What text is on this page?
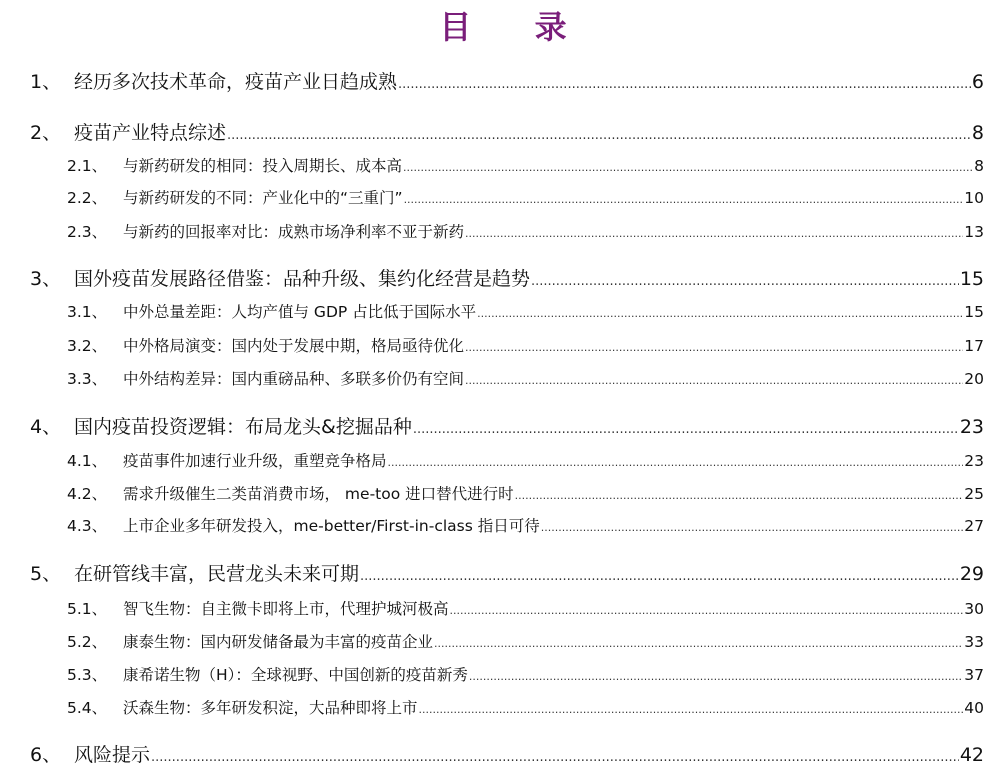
目 录
1、 经历多次技术革命，疫苗产业日趋成熟 .....	6
2、 疫苗产业特点综述 .....	8
2.1、	与新药研发的相同：投入周期长、成本高 .....	8
2.2、	与新药研发的不同：产业化中的“三重门” .....	10
2.3、	与新药的回报率对比：成熟市场净利率不亚于新药 .....	13
3、 国外疫苗发展路径借鉴：品种升级、集约化经营是趋势 .....	15
3.1、	中外总量差距：人均产值与 GDP 占比低于国际水平 .....	15
3.2、	中外格局演变：国内处于发展中期，格局亟待优化 .....	17
3.3、	中外结构差异：国内重磅品种、多联多价仍有空间 .....	20
4、 国内疫苗投资逻辑：布局龙头&挖掘品种 .....	23
4.1、	疫苗事件加速行业升级，重塑竞争格局 .....	23
4.2、	需求升级催生二类苗消费市场， me-too 进口替代进行时 .....	25
4.3、	上市企业多年研发投入，me-better/First-in-class 指日可待 .....	27
5、 在研管线丰富，民营龙头未来可期 .....	29
5.1、	智飞生物：自主微卡即将上市，代理护城河极高 .....	30
5.2、	康泰生物：国内研发储备最为丰富的疫苗企业 .....	33
5.3、	康希诺生物（H）：全球视野、中国创新的疫苗新秀 .....	37
5.4、	沃森生物：多年研发积淀，大品种即将上市 .....	40
6、 风险提示 .....	42
